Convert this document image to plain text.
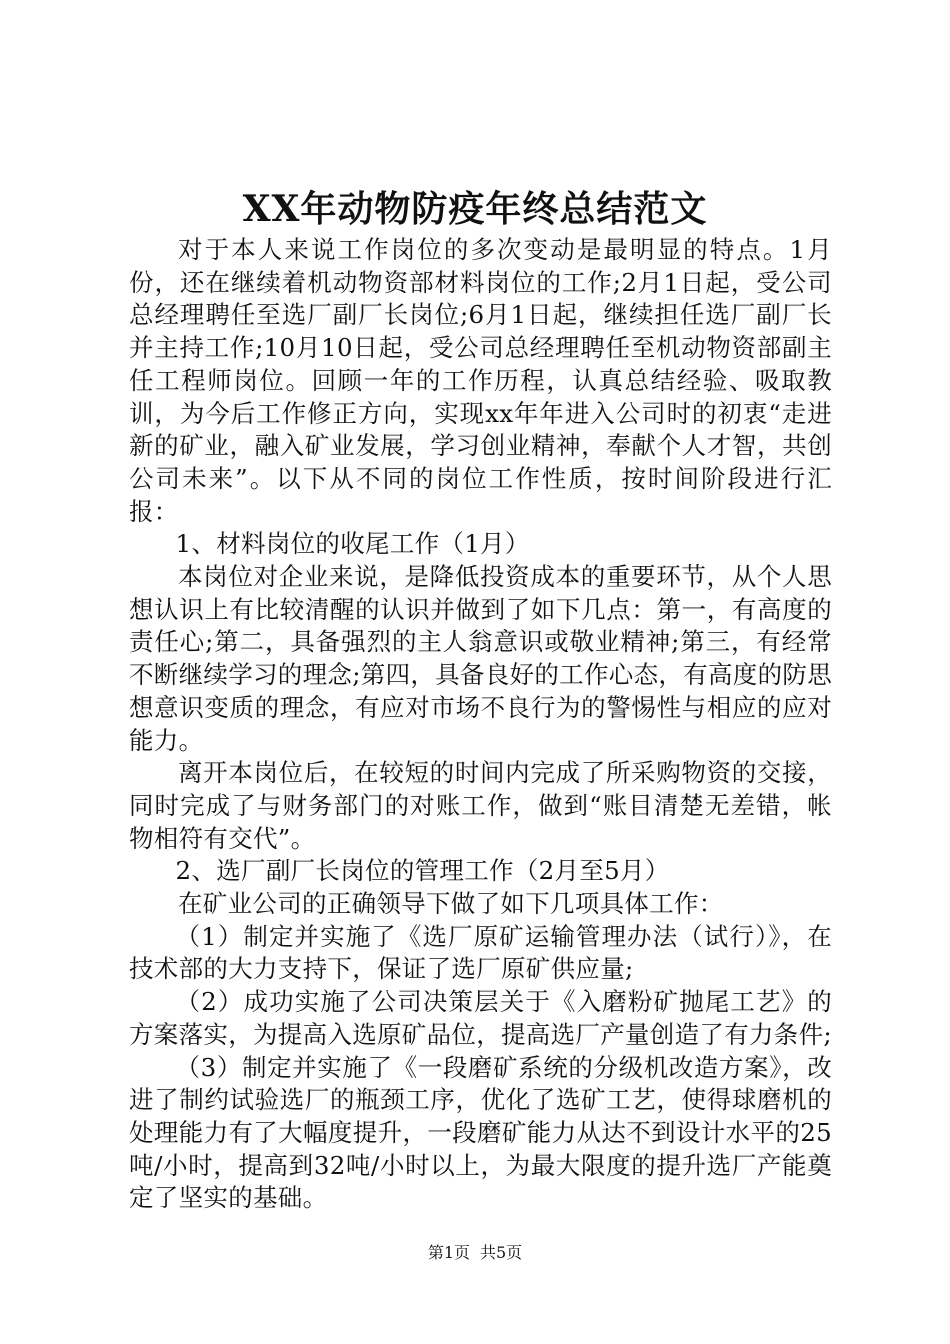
XX年动物防疫年终总结范文

对于本人来说工作岗位的多次变动是最明显的特点。1月份，还在继续着机动物资部材料岗位的工作;2月1日起，受公司总经理聘任至选厂副厂长岗位;6月1日起，继续担任选厂副厂长并主持工作;10月10日起，受公司总经理聘任至机动物资部副主任工程师岗位。回顾一年的工作历程，认真总结经验、吸取教训，为今后工作修正方向，实现xx年年进入公司时的初衷“走进新的矿业，融入矿业发展，学习创业精神，奉献个人才智，共创公司未来”。以下从不同的岗位工作性质，按时间阶段进行汇报：

1、材料岗位的收尾工作（1月）

本岗位对企业来说，是降低投资成本的重要环节，从个人思想认识上有比较清醒的认识并做到了如下几点：第一，有高度的责任心;第二，具备强烈的主人翁意识或敬业精神;第三，有经常不断继续学习的理念;第四，具备良好的工作心态，有高度的防思想意识变质的理念，有应对市场不良行为的警惕性与相应的应对能力。

离开本岗位后，在较短的时间内完成了所采购物资的交接，同时完成了与财务部门的对账工作，做到“账目清楚无差错，帐物相符有交代”。

2、选厂副厂长岗位的管理工作（2月至5月）

在矿业公司的正确领导下做了如下几项具体工作：

（1）制定并实施了《选厂原矿运输管理办法（试行）》，在技术部的大力支持下，保证了选厂原矿供应量;

（2）成功实施了公司决策层关于《入磨粉矿抛尾工艺》的方案落实，为提高入选原矿品位，提高选厂产量创造了有力条件;

（3）制定并实施了《一段磨矿系统的分级机改造方案》，改进了制约试验选厂的瓶颈工序，优化了选矿工艺，使得球磨机的处理能力有了大幅度提升，一段磨矿能力从达不到设计水平的25吨/小时，提高到32吨/小时以上，为最大限度的提升选厂产能奠定了坚实的基础。

第1页 共5页
